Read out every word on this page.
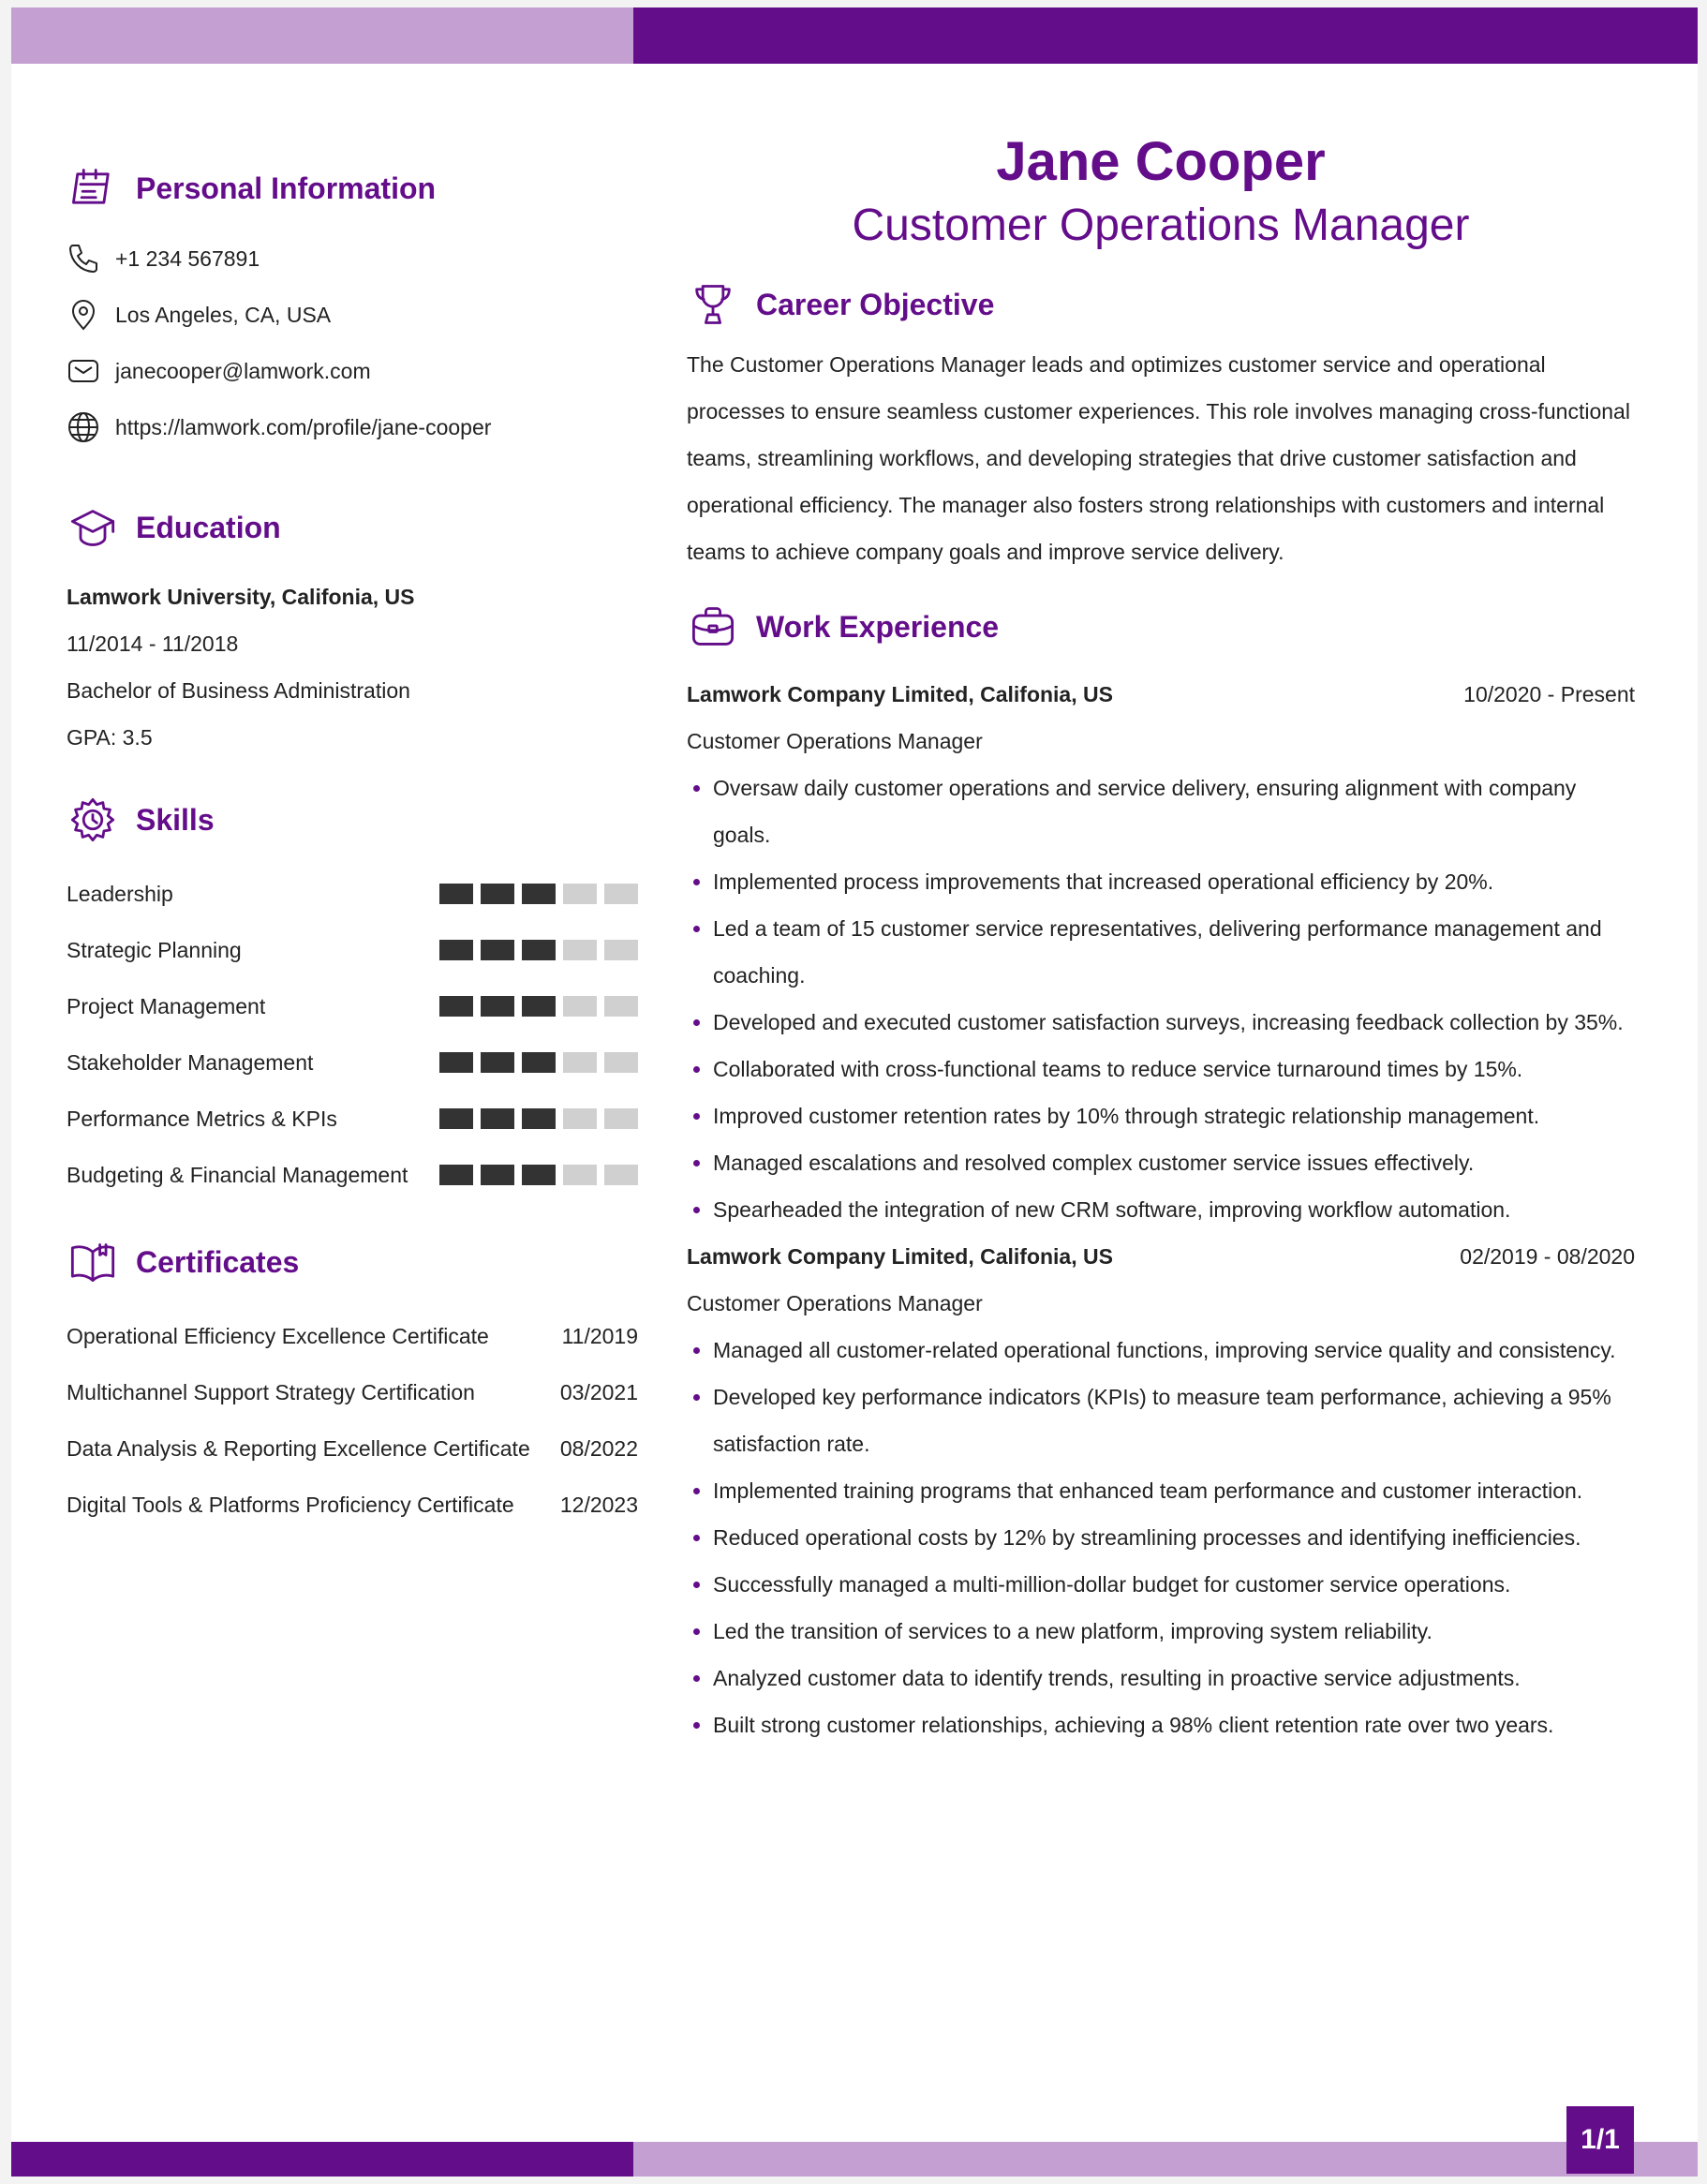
Personal Information
+1 234 567891
Los Angeles, CA, USA
janecooper@lamwork.com
https://lamwork.com/profile/jane-cooper
Education
Lamwork University, Califonia, US
11/2014 - 11/2018
Bachelor of Business Administration
GPA: 3.5
Skills
Leadership
Strategic Planning
Project Management
Stakeholder Management
Performance Metrics & KPIs
Budgeting & Financial Management
Certificates
Operational Efficiency Excellence Certificate	11/2019
Multichannel Support Strategy Certification	03/2021
Data Analysis & Reporting Excellence Certificate 08/2022
Digital Tools & Platforms Proficiency Certificate 12/2023
Jane Cooper
Customer Operations Manager
Career Objective

The Customer Operations Manager leads and optimizes customer service and operational processes to ensure seamless customer experiences. This role involves managing cross-functional teams, streamlining workflows, and developing strategies that drive customer satisfaction and operational efficiency. The manager also fosters strong relationships with customers and internal teams to achieve company goals and improve service delivery.

Work Experience
Lamwork Company Limited, Califonia, US	10/2020 - Present
Customer Operations Manager
• Oversaw daily customer operations and service delivery, ensuring alignment with company goals.
• Implemented process improvements that increased operational efficiency by 20%.
• Led a team of 15 customer service representatives, delivering performance management and coaching.
• Developed and executed customer satisfaction surveys, increasing feedback collection by 35%.
• Collaborated with cross-functional teams to reduce service turnaround times by 15%.
• Improved customer retention rates by 10% through strategic relationship management.
• Managed escalations and resolved complex customer service issues effectively.
• Spearheaded the integration of new CRM software, improving workflow automation.
Lamwork Company Limited, Califonia, US	02/2019 - 08/2020
Customer Operations Manager
• Managed all customer-related operational functions, improving service quality and consistency.
• Developed key performance indicators (KPIs) to measure team performance, achieving a 95% satisfaction rate.
• Implemented training programs that enhanced team performance and customer interaction.
• Reduced operational costs by 12% by streamlining processes and identifying inefficiencies.
• Successfully managed a multi-million-dollar budget for customer service operations.
• Led the transition of services to a new platform, improving system reliability.
• Analyzed customer data to identify trends, resulting in proactive service adjustments.
• Built strong customer relationships, achieving a 98% client retention rate over two years.
1/1
